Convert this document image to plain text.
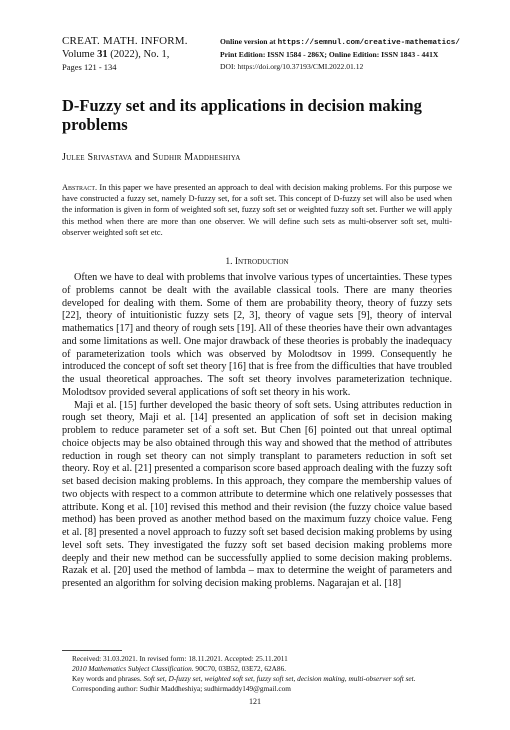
CREAT. MATH. INFORM.
Volume 31 (2022), No. 1,
Pages 121 - 134
Online version at https://semnul.com/creative-mathematics/
Print Edition: ISSN 1584 - 286X; Online Edition: ISSN 1843 - 441X
DOI: https://doi.org/10.37193/CMI.2022.01.12
D-Fuzzy set and its applications in decision making problems
Julee Srivastava and Sudhir Maddheshiya
Abstract. In this paper we have presented an approach to deal with decision making problems. For this purpose we have constructed a fuzzy set, namely D-fuzzy set, for a soft set. This concept of D-fuzzy set will also be used when the information is given in form of weighted soft set, fuzzy soft set or weighted fuzzy soft set. Further we will apply this method when there are more than one observer. We will define such sets as multi-observer soft set, multi-observer weighted soft set etc.
1. Introduction

Often we have to deal with problems that involve various types of uncertainties. These types of problems cannot be dealt with the available classical tools. There are many theories developed for dealing with them. Some of them are probability theory, theory of fuzzy sets [22], theory of intuitionistic fuzzy sets [2, 3], theory of vague sets [9], theory of interval mathematics [17] and theory of rough sets [19]. All of these theories have their own advantages and some limitations as well. One major drawback of these theories is probably the inadequacy of parameterization tools which was observed by Molodtsov in 1999. Consequently he introduced the concept of soft set theory [16] that is free from the difficulties that have troubled the usual theoretical approaches. The soft set theory involves parameterization technique. Molodtsov provided several applications of soft set theory in his work.

Maji et al. [15] further developed the basic theory of soft sets. Using attributes reduction in rough set theory, Maji et al. [14] presented an application of soft set in decision making problem to reduce parameter set of a soft set. But Chen [6] pointed out that unreal optimal choice objects may be also obtained through this way and showed that the method of attributes reduction in rough set theory can not simply transplant to parameters reduction in soft set theory. Roy et al. [21] presented a comparison score based approach dealing with the fuzzy soft set based decision making problems. In this approach, they compare the membership values of two objects with respect to a common attribute to determine which one relatively possesses that attribute. Kong et al. [10] revised this method and their revision (the fuzzy choice value based method) has been proved as another method based on the maximum fuzzy choice value. Feng et al. [8] presented a novel approach to fuzzy soft set based decision making problems by using level soft sets. They investigated the fuzzy soft set based decision making problems more deeply and their new method can be successfully applied to some decision making problems. Razak et al. [20] used the method of lambda – max to determine the weight of parameters and presented an algorithm for solving decision making problems. Nagarajan et al. [18]

Received: 31.03.2021. In revised form: 18.11.2021. Accepted: 25.11.2011
2010 Mathematics Subject Classification. 90C70, 03B52, 03E72, 62A86.
Key words and phrases. Soft set, D-fuzzy set, weighted soft set, fuzzy soft set, decision making, multi-observer soft set.
Corresponding author: Sudhir Maddheshiya; sudhirmaddy149@gmail.com
121
